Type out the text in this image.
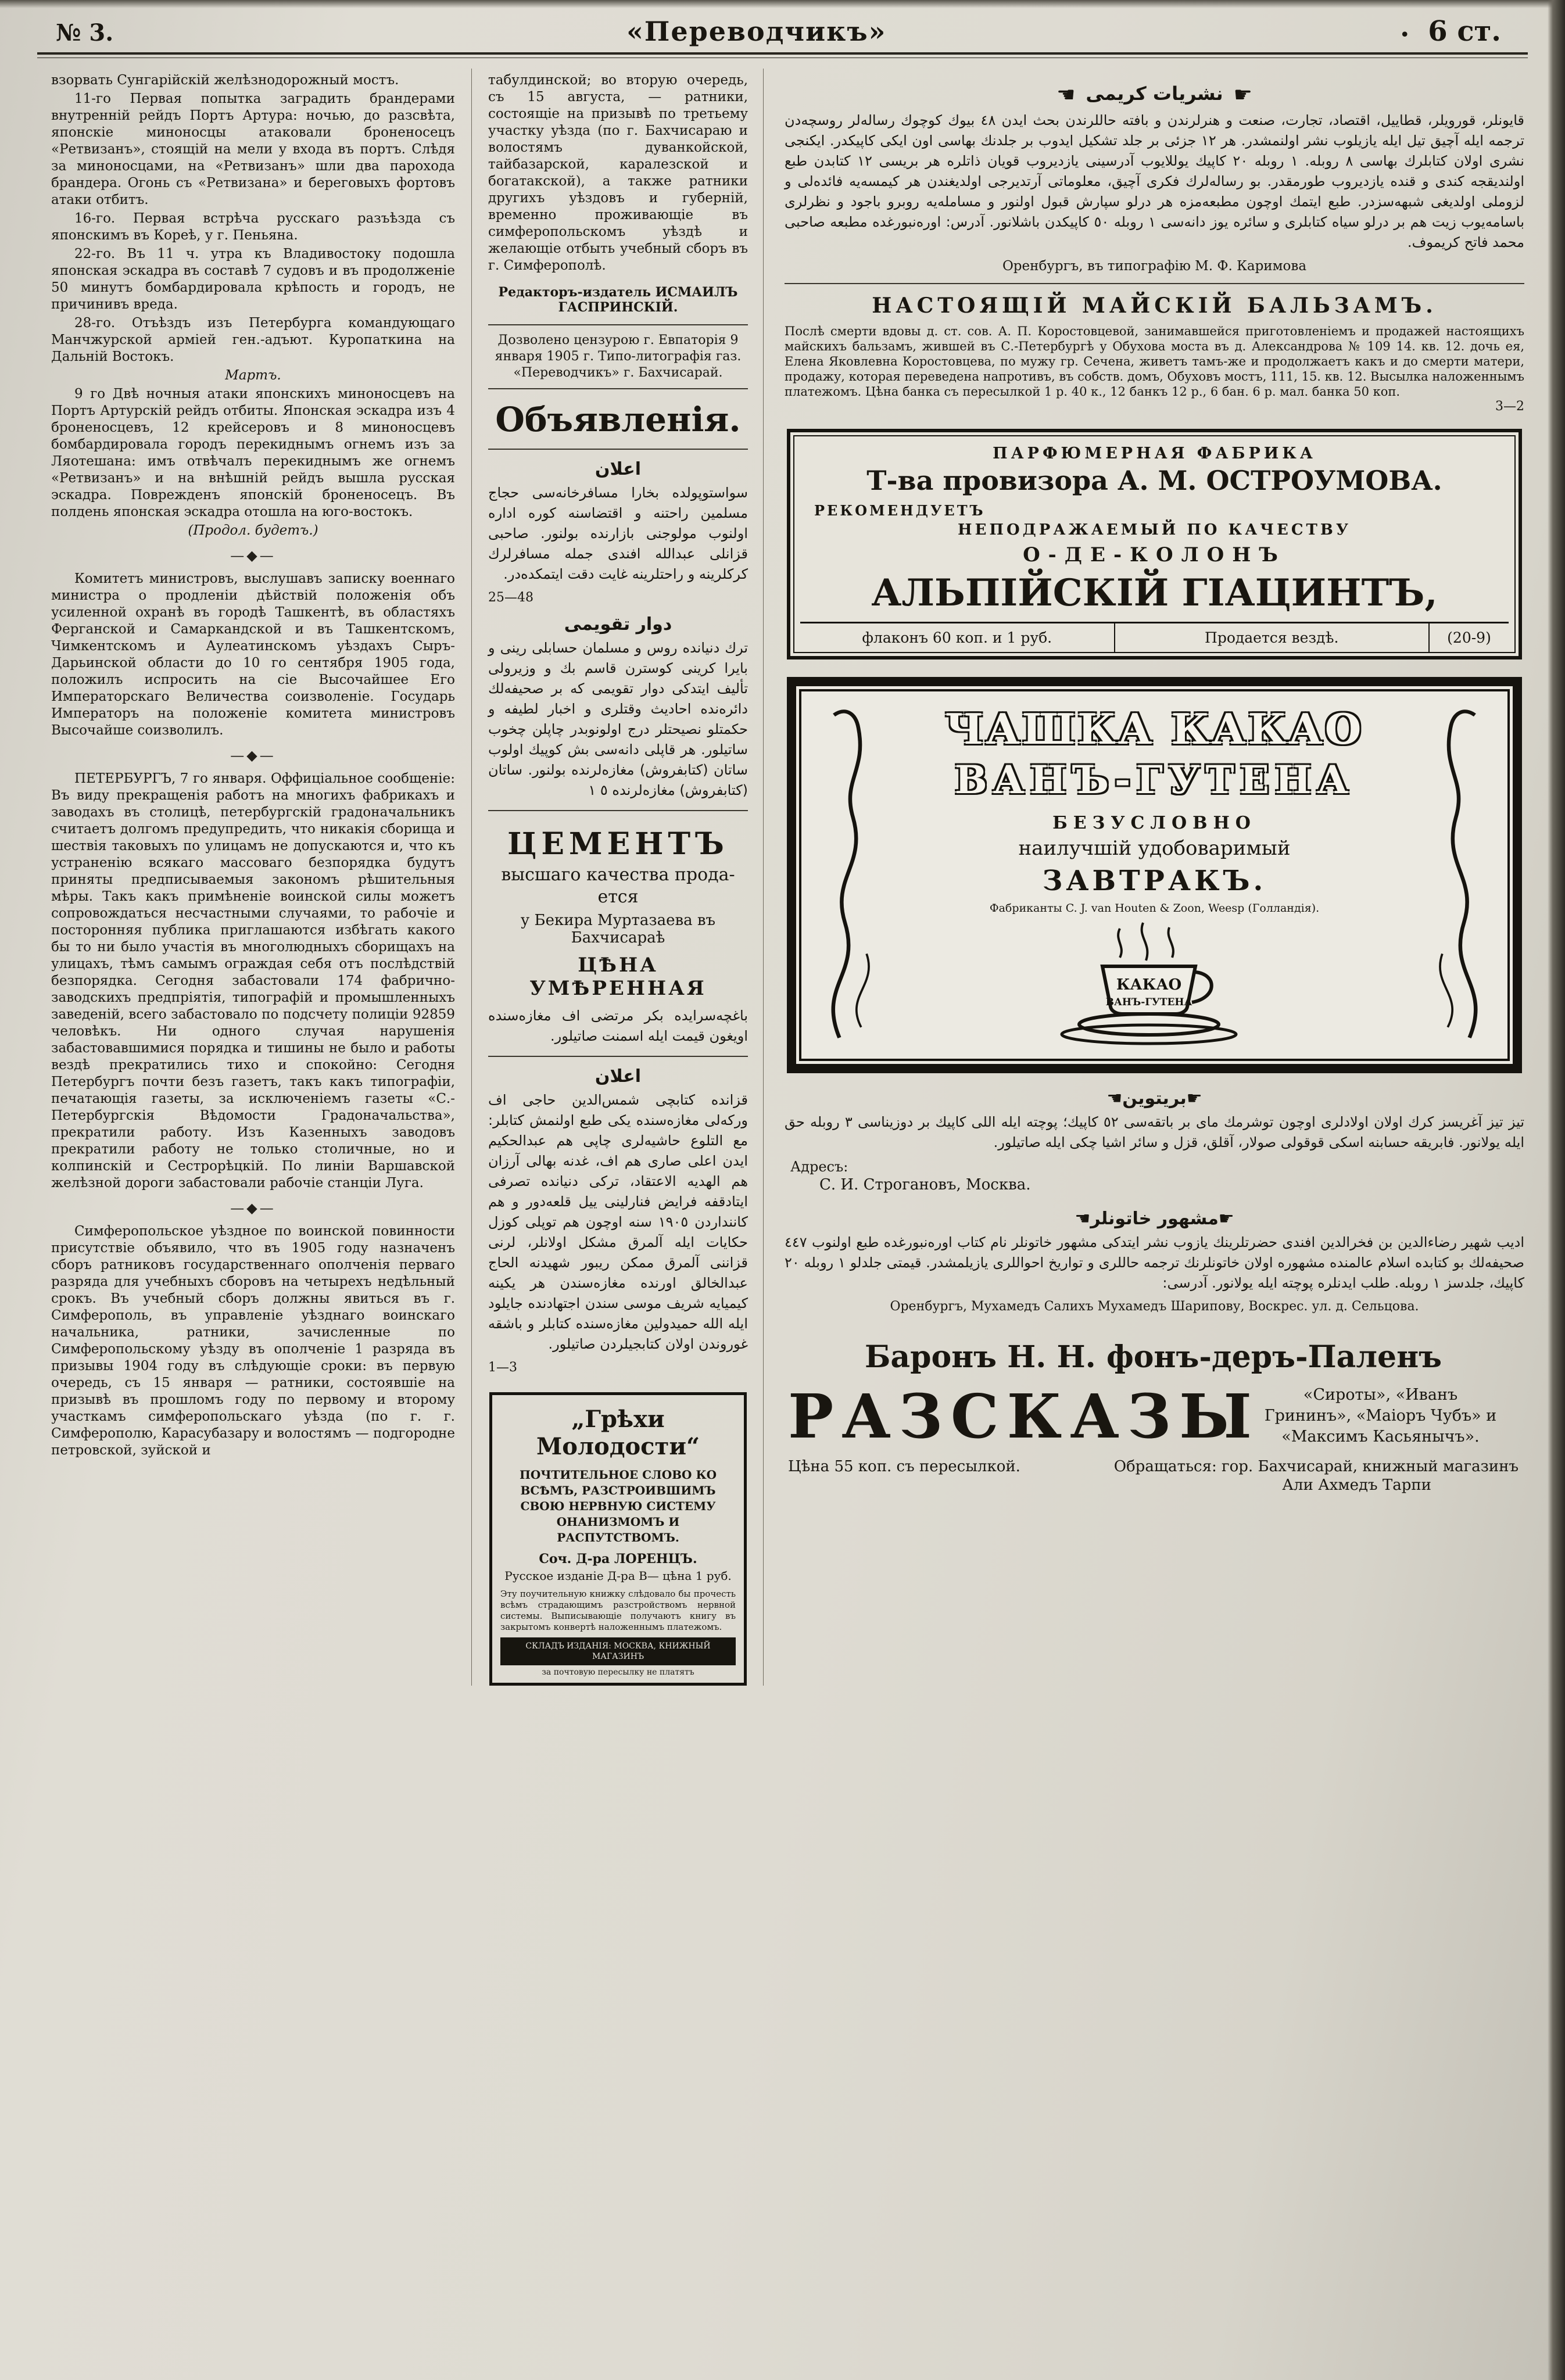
№ 3.	«Переводчикъ»	• 6 ст.

взорвать Сунгарійскій желѣзнодорожный мостъ.

11-го Первая попытка заградить брандерами внутренній рейдъ Портъ Артура: ночью, до разсвѣта, японскіе миноносцы атаковали броненосецъ «Ретвизанъ», стоящій на мели у входа въ портъ. Слѣдя за миноносцами, на «Ретвизанъ» шли два парохода брандера. Огонь съ «Ретвизана» и береговыхъ фортовъ атаки отбитъ.

16-го. Первая встрѣча русскаго разъѣзда съ японскимъ въ Кореѣ, у г. Пеньяна.

22-го. Въ 11 ч. утра къ Владивостоку подошла японская эскадра въ составѣ 7 судовъ и въ продолженіе 50 минутъ бомбардировала крѣпость и городъ, не причинивъ вреда.

28-го. Отъѣздъ изъ Петербурга командующаго Манчжурской арміей ген.-адъют. Куропаткина на Дальній Востокъ.

Мартъ.

9 го Двѣ ночныя атаки японскихъ миноносцевъ на Портъ Артурскій рейдъ отбиты. Японская эскадра изъ 4 броненосцевъ, 12 крейсеровъ и 8 миноносцевъ бомбардировала городъ перекиднымъ огнемъ изъ за Ляотешана: имъ отвѣчалъ перекиднымъ же огнемъ «Ретвизанъ» и на внѣшній рейдъ вышла русская эскадра. Поврежденъ японскій броненосецъ. Въ полдень японская эскадра отошла на юго-востокъ.

(Продол. будетъ.)

—◆—

Комитетъ министровъ, выслушавъ записку военнаго министра о продленіи дѣйствій положенія объ усиленной охранѣ въ городѣ Ташкентѣ, въ областяхъ Ферганской и Самаркандской и въ Ташкентскомъ, Чимкентскомъ и Аулеатинскомъ уѣздахъ Сыръ-Дарьинской области до 10 го сентября 1905 года, положилъ испросить на сіе Высочайшее Его Императорскаго Величества соизволеніе. Государь Императоръ на положеніе комитета министровъ Высочайше соизволилъ.

—◆—

ПЕТЕРБУРГЪ, 7 го января. Оффиціальное сообщеніе: Въ виду прекращенія работъ на многихъ фабрикахъ и заводахъ въ столицѣ, петербургскій градоначальникъ считаетъ долгомъ предупредить, что никакія сборища и шествія таковыхъ по улицамъ не допускаются и, что къ устраненію всякаго массоваго безпорядка будутъ приняты предписываемыя закономъ рѣшительныя мѣры. Такъ какъ примѣненіе воинской силы можетъ сопровождаться несчастными случаями, то рабочіе и посторонняя публика приглашаются избѣгать какого бы то ни было участія въ многолюдныхъ сборищахъ на улицахъ, тѣмъ самымъ ограждая себя отъ послѣдствій безпорядка. Сегодня забастовали 174 фабрично-заводскихъ предпріятія, типографій и промышленныхъ заведеній, всего забастовало по подсчету полиціи 92859 человѣкъ. Ни одного случая нарушенія забастовавшимися порядка и тишины не было и работы вездѣ прекратились тихо и спокойно: Сегодня Петербургъ почти безъ газетъ, такъ какъ типографіи, печатающія газеты, за исключеніемъ газеты «С.-Петербургскія Вѣдомости Градоначальства», прекратили работу. Изъ Казенныхъ заводовъ прекратили работу не только столичные, но и колпинскій и Сестрорѣцкій. По линіи Варшавской желѣзной дороги забастовали рабочіе станціи Луга.

—◆—

Симферопольское уѣздное по воинской повинности присутствіе объявило, что въ 1905 году назначенъ сборъ ратниковъ государственнаго ополченія перваго разряда для учебныхъ сборовъ на четырехъ недѣльный срокъ. Въ учебный сборъ должны явиться въ г. Симферополь, въ управленіе уѣзднаго воинскаго начальника, ратники, зачисленные по Симферопольскому уѣзду въ ополченіе 1 разряда въ призывы 1904 году въ слѣдующіе сроки: въ первую очередь, съ 15 января — ратники, состоявшіе на призывѣ въ прошломъ году по первому и второму участкамъ симферопольскаго уѣзда (по г. г. Симферополю, Карасубазару и волостямъ — подгородне петровской, зуйской и

табулдинской; во вторую очередь, съ 15 августа, — ратники, состоящіе на призывѣ по третьему участку уѣзда (по г. Бахчисараю и волостямъ дуванкойской, тайбазарской, каралезской и богатакской), а также ратники другихъ уѣздовъ и губерній, временно проживающіе въ симферопольскомъ уѣздѣ и желающіе отбыть учебный сборъ въ г. Симферополѣ.

Редакторъ-издатель ИСМАИЛЪ ГАСПРИНСКІЙ.

Дозволено цензурою г. Евпаторія 9 января 1905 г. Типо-литографія газ. «Переводчикъ» г. Бахчисарай.
Объявленія.
اعلان
سواستوپولده بخارا مسافرخانه‌سى حجاج مسلمين راحتنه و اقتضاسنه كوره اداره اولنوب مولوجنى بازارنده بولنور. صاحبى قزانلى عبدالله افندى جمله مسافرلرك كركلرينه و راحتلرينه غايت دقت ايتمكده‌در.
25—48
دوار تقويمى
ترك دنيانده روس و مسلمان حسابلى رينى و بايرا كرينى كوسترن قاسم بك و وزيرولى تأليف ايتدكى دوار تقويمى كه بر صحيفه‌لك دائره‌نده احاديث وقتلرى و اخبار لطيفه و حكمتلو نصيحتلر درج اولونوبدر چاپلن چخوب ساتيلور. هر قاپلى دانه‌سى بش كوپيك اولوب ساتان (كتابفروش) مغازه‌لرنده بولنور. ساتان (كتابفروش) مغازه‌لرنده ٥ ١
ЦЕМЕНТЪ
высшаго качества прода- ется
у Бекира Муртазаева въ Бахчисараѣ
ЦѢНА УМѢРЕННАЯ
باغچه‌سرايده بكر مرتضى اف مغازه‌سنده اويغون قيمت ايله اسمنت صاتيلور.
اعلان
قزانده كتابچى شمس‌الدين حاجى اف وركه‌لى مغازه‌سنده يكى طبع اولنمش كتابلر: مع التلوع حاشيه‌لرى چاپى هم عبدالحكيم ايدن اعلى صارى هم اف، غدنه بهالى آرزان هم الهديه الاعتقاد، تركى دنيانده تصرفى ايتادقفه فرايض فنارلينى ييل قلعه‌دور و هم كاننداردن ١٩٠٥ سنه اوچون هم توپلى كوزل حكايات ايله آلمرق مشكل اولانلر، لرنى قزاننى آلمرق ممكن ريبور شهيدنه الحاج عبدالخالق اورنده مغازه‌سندن هر يكينه كيميايه شريف موسى سندن اجتهادنده جايلود ايله الله حميدولين مغازه‌سنده كتابلر و باشقه غوروندن اولان كتابجيلردن صاتيلور.
1—3
„Грѣхи Молодости“
ПОЧТИТЕЛЬНОЕ СЛОВО КО ВСѢМЪ, РАЗСТРОИВШИМЪ СВОЮ НЕРВНУЮ СИСТЕМУ ОНАНИЗМОМЪ И РАСПУТСТВОМЪ.
Соч. Д-ра ЛОРЕНЦЪ.
Русское изданіе Д-ра В— цѣна 1 руб.
Эту поучительную книжку слѣдовало бы прочесть всѣмъ страдающимъ разстройствомъ нервной системы. Выписывающіе получаютъ книгу въ закрытомъ конвертѣ наложеннымъ платежомъ.
СКЛАДЪ ИЗДАНІЯ: МОСКВА, КНИЖНЫЙ МАГАЗИНЪ
за почтовую пересылку не платятъ
☛نشريات كريمى☚
قايونلر، قورويلر، قطاييل، اقتصاد، تجارت، صنعت و هنرلرندن و بافته حاللرندن بحث ايدن ٤٨ بيوك كوچوك رساله‌لر روسچه‌دن ترجمه ايله آچيق تيل ايله يازيلوب نشر اولنمشدر. هر ١٢ جزئى بر جلد تشكيل ايدوب بر جلدنك بهاسى اون ايكى كاپيكدر. ايكنجى نشرى اولان كتابلرك بهاسى ٨ روبله. ١ روبله ٢٠ كاپيك يوللايوب آدرسينى يازديروب قويان ذاتلره هر بريسى ١٢ كتابدن طبع اولنديقجه كندى و قنده يازديروب طورمقدر. بو رساله‌لرك فكرى آچيق، معلوماتى آرتديرجى اولديغندن هر كيمسه‌يه فائده‌لى و لزوملى اولديغى شبهه‌سزدر. طبع ايتمك اوچون مطبعه‌مزه هر درلو سپارش قبول اولنور و مسامله‌يه روبرو باجود و نظرلرى باسامه‌يوب زيت هم بر درلو سياه كتابلرى و سائره يوز دانه‌سى ١ روبله ٥٠ كاپيكدن باشلانور. آدرس: اوره‌نبورغده مطبعه صاحبى محمد فاتح كريموف.
Оренбургъ, въ типографію М. Ф. Каримова
НАСТОЯЩІЙ МАЙСКІЙ БАЛЬЗАМЪ.

Послѣ смерти вдовы д. ст. сов. А. П. Коростовцевой, занимавшейся приготовленіемъ и продажей настоящихъ майскихъ бальзамъ, жившей въ С.-Петербургѣ у Обухова моста въ д. Александрова № 109 14. кв. 12. дочь ея, Елена Яковлевна Коростовцева, по мужу гр. Сечена, живетъ тамъ-же и продолжаетъ какъ и до смерти матери, продажу, которая переведена напротивъ, въ собств. домъ, Обуховъ мостъ, 111, 15. кв. 12. Высылка наложеннымъ платежомъ. Цѣна банка съ пересылкой 1 р. 40 к., 12 банкъ 12 р., 6 бан. 6 р. мал. банка 50 коп.

3—2
ПАРФЮМЕРНАЯ ФАБРИКА
Т-ва провизора А. М. ОСТРОУМОВА.
РЕКОМЕНДУЕТЪ
НЕПОДРАЖАЕМЫЙ ПО КАЧЕСТВУ
О-ДЕ-КОЛОНЪ
АЛЬПІЙСКІЙ ГІАЦИНТЪ,
флаконъ 60 коп. и 1 руб.	Продается вездѣ.	(20-9)
ЧАШКА КАКАО
ВАНЪ-ГУТЕНА
БЕЗУСЛОВНО
наилучшій удобоваримый
ЗАВТРАКЪ.
Фабриканты C. J. van Houten & Zoon, Weesp (Голландія).
КАКАО
ВАНЪ-ГУТЕНА
☛بريتوين☚
تيز تيز آغريسز كرك اولان اولادلرى اوچون توشرمك ماى بر باتقه‌سى ٥٢ كاپيك؛ پوچته ايله اللى كاپيك بر دوزيناسى ٣ روبله حق ايله يولانور. فابريقه حسابنه اسكى قوقولى صولار، آقلق، قزل و سائر اشيا چكى ايله صاتيلور.
Адресъ:
С. И. Строгановъ, Москва.
☛مشهور خاتونلر☚
اديب شهير رضاءالدين بن فخرالدين افندى حضرتلرينك يازوب نشر ايتدكى مشهور خاتونلر نام كتاب اوره‌نبورغده طبع اولنوب ٤٤٧ صحيفه‌لك بو كتابده اسلام عالمنده مشهوره اولان خاتونلرنك ترجمه حاللرى و تواريخ احواللرى يازيلمشدر. قيمتى جلدلو ١ روبله ٢٠ كاپيك، جلدسز ١ روبله. طلب ايدنلره پوچته ايله يولانور. آدرسى:
Оренбургъ, Мухамедъ Салихъ Мухамедъ Шарипову, Воскрес. ул. д. Сельцова.
Баронъ Н. Н. фонъ-деръ-Паленъ
РАЗСКАЗЫ	«Сироты», «Иванъ Грининъ», «Маіоръ Чубъ» и «Максимъ Касьянычъ».
Цѣна 55 коп. съ пересылкой.	Обращаться: гор. Бахчисарай, книжный магазинъ
Али Ахмедъ Тарпи
